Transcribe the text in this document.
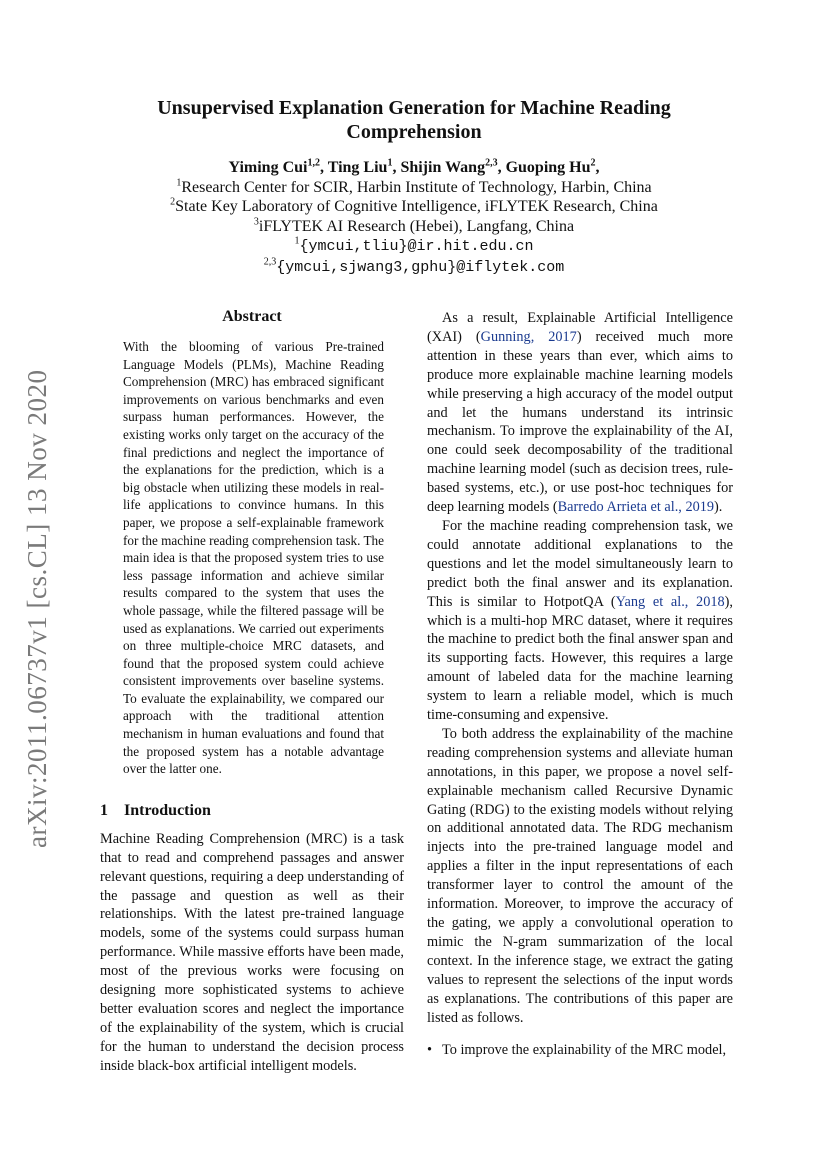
arXiv:2011.06737v1 [cs.CL] 13 Nov 2020
Unsupervised Explanation Generation for Machine Reading Comprehension
Yiming Cui$^{1,2}$, Ting Liu$^1$, Shijin Wang$^{2,3}$, Guoping Hu$^2$,
$^1$Research Center for SCIR, Harbin Institute of Technology, Harbin, China
$^2$State Key Laboratory of Cognitive Intelligence, iFLYTEK Research, China
$^3$iFLYTEK AI Research (Hebei), Langfang, China
$^1${ymcui,tliu}@ir.hit.edu.cn
$^{2,3}${ymcui,sjwang3,gphu}@iflytek.com
Abstract

With the blooming of various Pre-trained Language Models (PLMs), Machine Reading Comprehension (MRC) has embraced significant improvements on various benchmarks and even surpass human performances. However, the existing works only target on the accuracy of the final predictions and neglect the importance of the explanations for the prediction, which is a big obstacle when utilizing these models in real-life applications to convince humans. In this paper, we propose a self-explainable framework for the machine reading comprehension task. The main idea is that the proposed system tries to use less passage information and achieve similar results compared to the system that uses the whole passage, while the filtered passage will be used as explanations. We carried out experiments on three multiple-choice MRC datasets, and found that the proposed system could achieve consistent improvements over baseline systems. To evaluate the explainability, we compared our approach with the traditional attention mechanism in human evaluations and found that the proposed system has a notable advantage over the latter one.

1 Introduction

Machine Reading Comprehension (MRC) is a task that to read and comprehend passages and answer relevant questions, requiring a deep understanding of the passage and question as well as their relationships. With the latest pre-trained language models, some of the systems could surpass human performance. While massive efforts have been made, most of the previous works were focusing on designing more sophisticated systems to achieve better evaluation scores and neglect the importance of the explainability of the system, which is crucial for the human to understand the decision process inside black-box artificial intelligent models.

As a result, Explainable Artificial Intelligence (XAI) (Gunning, 2017) received much more attention in these years than ever, which aims to produce more explainable machine learning models while preserving a high accuracy of the model output and let the humans understand its intrinsic mechanism. To improve the explainability of the AI, one could seek decomposability of the traditional machine learning model (such as decision trees, rule-based systems, etc.), or use post-hoc techniques for deep learning models (Barredo Arrieta et al., 2019).

For the machine reading comprehension task, we could annotate additional explanations to the questions and let the model simultaneously learn to predict both the final answer and its explanation. This is similar to HotpotQA (Yang et al., 2018), which is a multi-hop MRC dataset, where it requires the machine to predict both the final answer span and its supporting facts. However, this requires a large amount of labeled data for the machine learning system to learn a reliable model, which is much time-consuming and expensive.

To both address the explainability of the machine reading comprehension systems and alleviate human annotations, in this paper, we propose a novel self-explainable mechanism called Recursive Dynamic Gating (RDG) to the existing models without relying on additional annotated data. The RDG mechanism injects into the pre-trained language model and applies a filter in the input representations of each transformer layer to control the amount of the information. Moreover, to improve the accuracy of the gating, we apply a convolutional operation to mimic the N-gram summarization of the local context. In the inference stage, we extract the gating values to represent the selections of the input words as explanations. The contributions of this paper are listed as follows.

• To improve the explainability of the MRC model,
